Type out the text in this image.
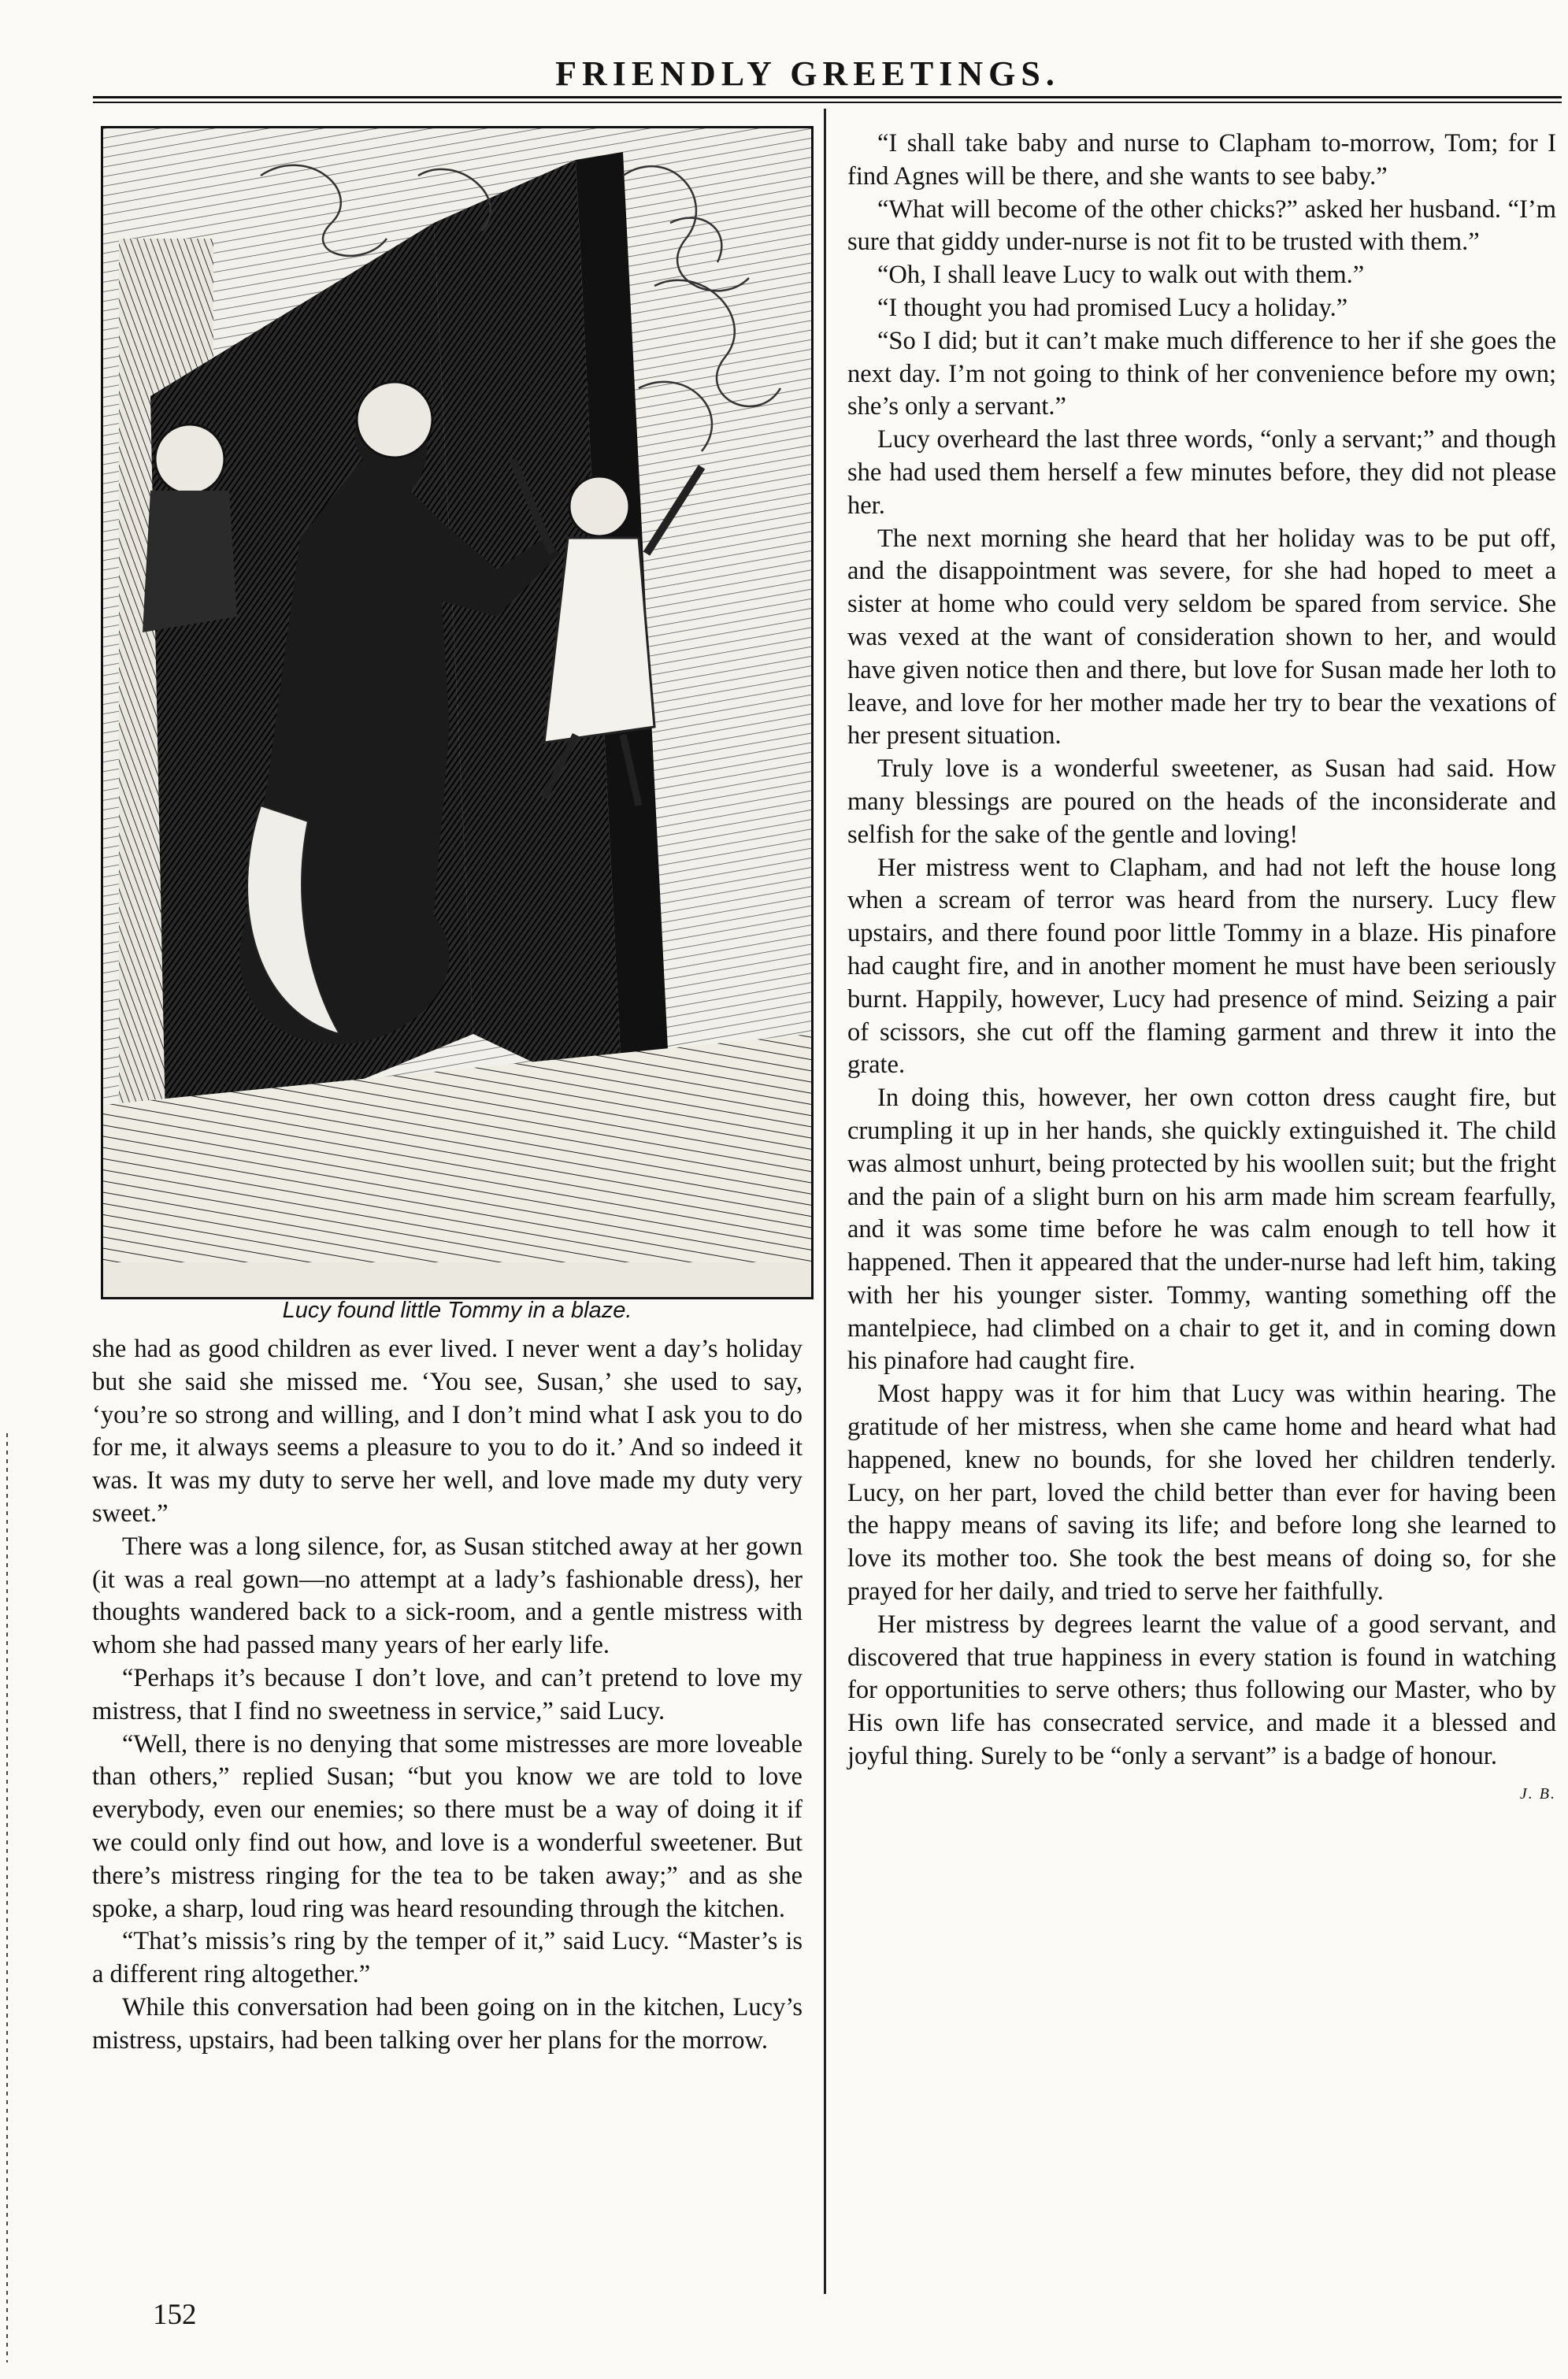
FRIENDLY GREETINGS.
Lucy found little Tommy in a blaze.

she had as good children as ever lived. I never went a day’s holiday but she said she missed me. ‘You see, Susan,’ she used to say, ‘you’re so strong and willing, and I don’t mind what I ask you to do for me, it always seems a pleasure to you to do it.’ And so indeed it was. It was my duty to serve her well, and love made my duty very sweet.”

There was a long silence, for, as Susan stitched away at her gown (it was a real gown—no attempt at a lady’s fashionable dress), her thoughts wandered back to a sick-room, and a gentle mistress with whom she had passed many years of her early life.

“Perhaps it’s because I don’t love, and can’t pretend to love my mistress, that I find no sweetness in service,” said Lucy.

“Well, there is no denying that some mistresses are more loveable than others,” replied Susan; “but you know we are told to love everybody, even our enemies; so there must be a way of doing it if we could only find out how, and love is a wonderful sweetener. But there’s mistress ringing for the tea to be taken away;” and as she spoke, a sharp, loud ring was heard resounding through the kitchen.

“That’s missis’s ring by the temper of it,” said Lucy. “Master’s is a different ring altogether.”

While this conversation had been going on in the kitchen, Lucy’s mistress, upstairs, had been talking over her plans for the morrow.

“I shall take baby and nurse to Clapham to-morrow, Tom; for I find Agnes will be there, and she wants to see baby.”

“What will become of the other chicks?” asked her husband. “I’m sure that giddy under-nurse is not fit to be trusted with them.”

“Oh, I shall leave Lucy to walk out with them.”

“I thought you had promised Lucy a holiday.”

“So I did; but it can’t make much difference to her if she goes the next day. I’m not going to think of her convenience before my own; she’s only a servant.”

Lucy overheard the last three words, “only a servant;” and though she had used them herself a few minutes before, they did not please her.

The next morning she heard that her holiday was to be put off, and the disappointment was severe, for she had hoped to meet a sister at home who could very seldom be spared from service. She was vexed at the want of consideration shown to her, and would have given notice then and there, but love for Susan made her loth to leave, and love for her mother made her try to bear the vexations of her present situation.

Truly love is a wonderful sweetener, as Susan had said. How many blessings are poured on the heads of the inconsiderate and selfish for the sake of the gentle and loving!

Her mistress went to Clapham, and had not left the house long when a scream of terror was heard from the nursery. Lucy flew upstairs, and there found poor little Tommy in a blaze. His pinafore had caught fire, and in another moment he must have been seriously burnt. Happily, however, Lucy had presence of mind. Seizing a pair of scissors, she cut off the flaming garment and threw it into the grate.

In doing this, however, her own cotton dress caught fire, but crumpling it up in her hands, she quickly extinguished it. The child was almost unhurt, being protected by his woollen suit; but the fright and the pain of a slight burn on his arm made him scream fearfully, and it was some time before he was calm enough to tell how it happened. Then it appeared that the under-nurse had left him, taking with her his younger sister. Tommy, wanting something off the mantelpiece, had climbed on a chair to get it, and in coming down his pinafore had caught fire.

Most happy was it for him that Lucy was within hearing. The gratitude of her mistress, when she came home and heard what had happened, knew no bounds, for she loved her children tenderly. Lucy, on her part, loved the child better than ever for having been the happy means of saving its life; and before long she learned to love its mother too. She took the best means of doing so, for she prayed for her daily, and tried to serve her faithfully.

Her mistress by degrees learnt the value of a good servant, and discovered that true happiness in every station is found in watching for opportunities to serve others; thus following our Master, who by His own life has consecrated service, and made it a blessed and joyful thing. Surely to be “only a servant” is a badge of honour.
J. B.

152
